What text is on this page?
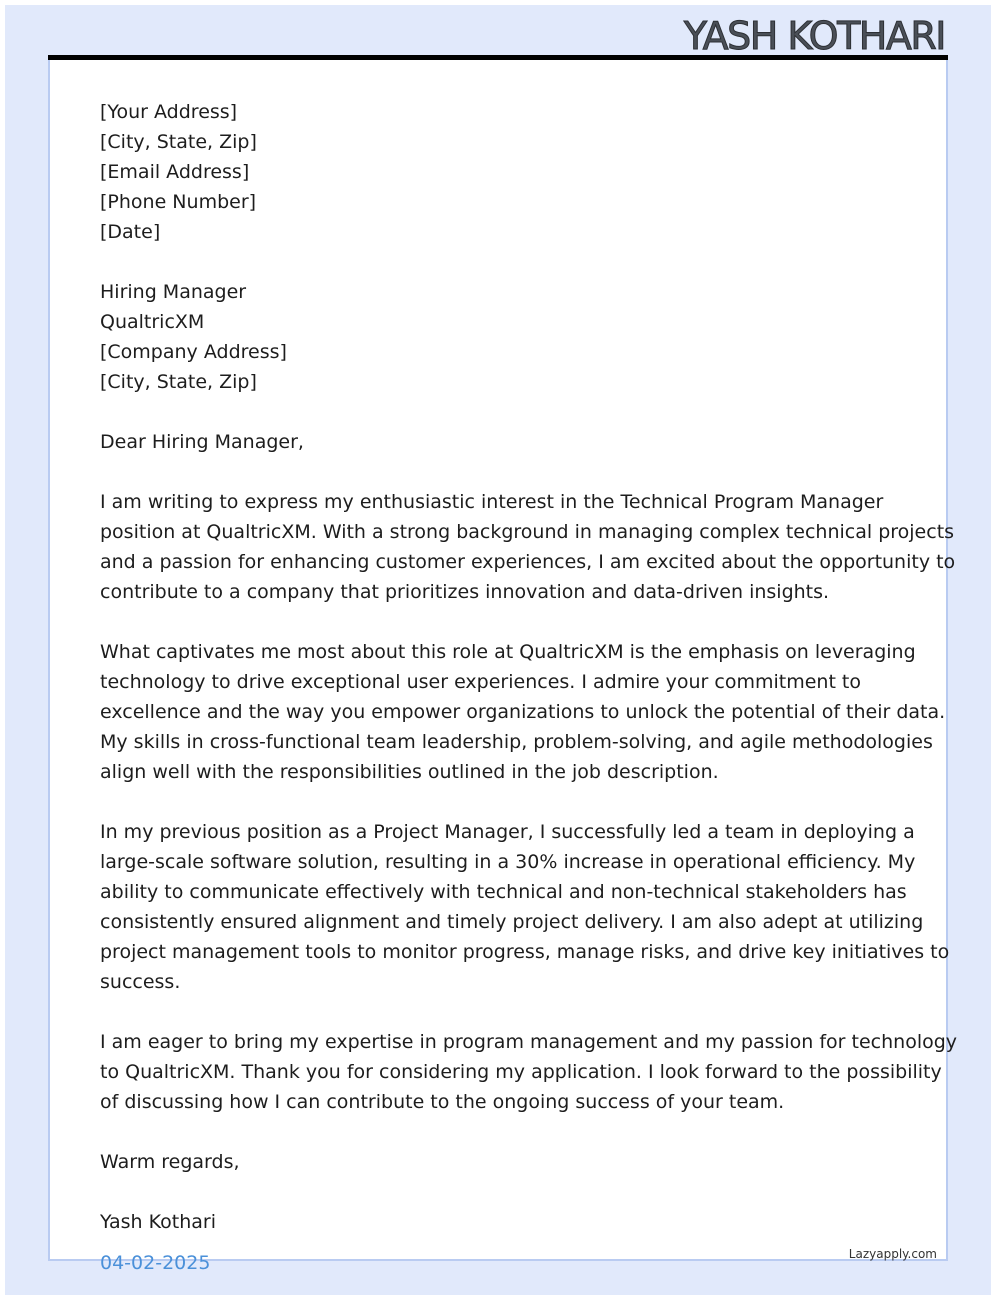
YASH KOTHARI
[Your Address]
[City, State, Zip]
[Email Address]
[Phone Number]
[Date]
Hiring Manager
QualtricXM
[Company Address]
[City, State, Zip]
Dear Hiring Manager,
I am writing to express my enthusiastic interest in the Technical Program Manager
position at QualtricXM. With a strong background in managing complex technical projects
and a passion for enhancing customer experiences, I am excited about the opportunity to
contribute to a company that prioritizes innovation and data-driven insights.
What captivates me most about this role at QualtricXM is the emphasis on leveraging
technology to drive exceptional user experiences. I admire your commitment to
excellence and the way you empower organizations to unlock the potential of their data.
My skills in cross-functional team leadership, problem-solving, and agile methodologies
align well with the responsibilities outlined in the job description.
In my previous position as a Project Manager, I successfully led a team in deploying a
large-scale software solution, resulting in a 30% increase in operational efficiency. My
ability to communicate effectively with technical and non-technical stakeholders has
consistently ensured alignment and timely project delivery. I am also adept at utilizing
project management tools to monitor progress, manage risks, and drive key initiatives to
success.
I am eager to bring my expertise in program management and my passion for technology
to QualtricXM. Thank you for considering my application. I look forward to the possibility
of discussing how I can contribute to the ongoing success of your team.
Warm regards,
Yash Kothari
04-02-2025	Lazyapply.com
